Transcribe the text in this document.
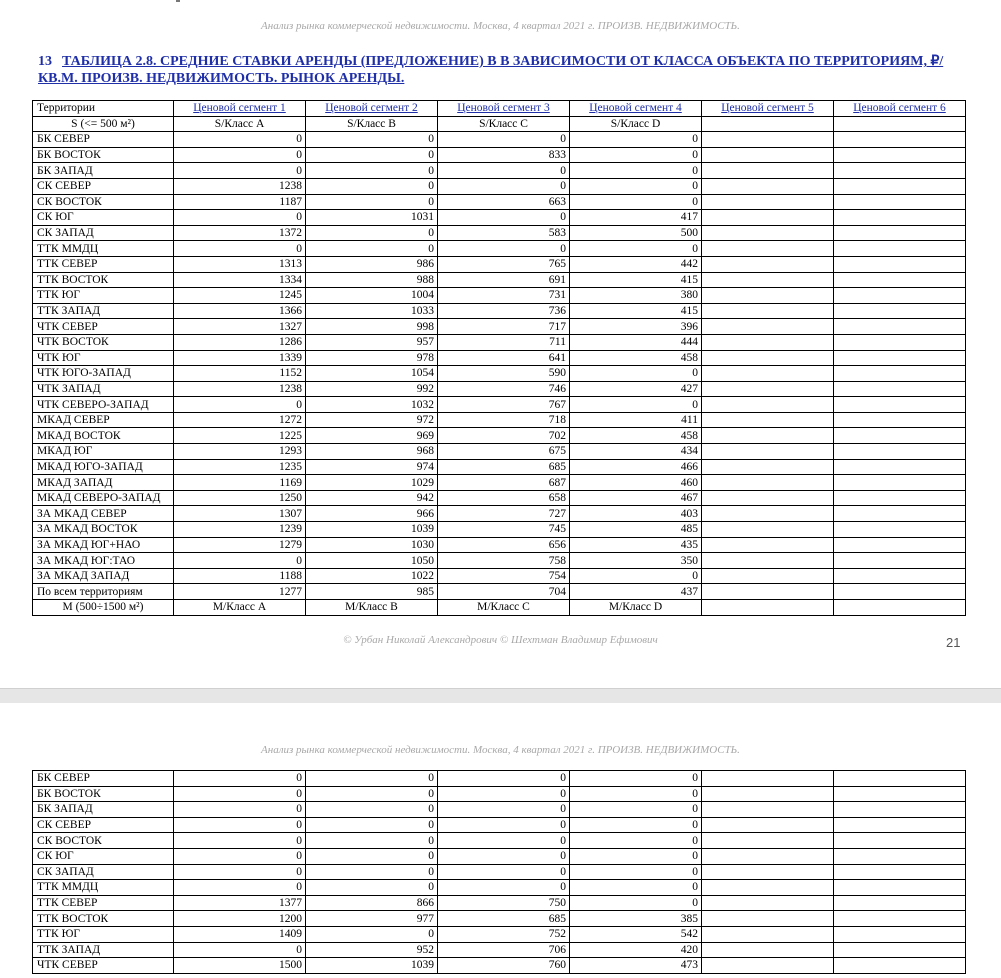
Анализ рынка коммерческой недвижимости. Москва, 4 квартал 2021 г. ПРОИЗВ. НЕДВИЖИМОСТЬ.
13 ТАБЛИЦА 2.8. СРЕДНИЕ СТАВКИ АРЕНДЫ (ПРЕДЛОЖЕНИЕ) В В ЗАВИСИМОСТИ ОТ КЛАССА ОБЪЕКТА ПО ТЕРРИТОРИЯМ, ₽/КВ.М. ПРОИЗВ. НЕДВИЖИМОСТЬ. РЫНОК АРЕНДЫ.
Территории	Ценовой сегмент 1	Ценовой сегмент 2	Ценовой сегмент 3	Ценовой сегмент 4	Ценовой сегмент 5	Ценовой сегмент 6
S (<= 500 м²)	S/Класс A	S/Класс B	S/Класс C	S/Класс D		
БК СЕВЕР	0	0	0	0		
БК ВОСТОК	0	0	833	0		
БК ЗАПАД	0	0	0	0		
СК СЕВЕР	1238	0	0	0		
СК ВОСТОК	1187	0	663	0		
СК ЮГ	0	1031	0	417		
СК ЗАПАД	1372	0	583	500		
ТТК ММДЦ	0	0	0	0		
ТТК СЕВЕР	1313	986	765	442		
ТТК ВОСТОК	1334	988	691	415		
ТТК ЮГ	1245	1004	731	380		
ТТК ЗАПАД	1366	1033	736	415		
ЧТК СЕВЕР	1327	998	717	396		
ЧТК ВОСТОК	1286	957	711	444		
ЧТК ЮГ	1339	978	641	458		
ЧТК ЮГО-ЗАПАД	1152	1054	590	0		
ЧТК ЗАПАД	1238	992	746	427		
ЧТК СЕВЕРО-ЗАПАД	0	1032	767	0		
МКАД СЕВЕР	1272	972	718	411		
МКАД ВОСТОК	1225	969	702	458		
МКАД ЮГ	1293	968	675	434		
МКАД ЮГО-ЗАПАД	1235	974	685	466		
МКАД ЗАПАД	1169	1029	687	460		
МКАД СЕВЕРО-ЗАПАД	1250	942	658	467		
ЗА МКАД СЕВЕР	1307	966	727	403		
ЗА МКАД ВОСТОК	1239	1039	745	485		
ЗА МКАД ЮГ+НАО	1279	1030	656	435		
ЗА МКАД ЮГ:ТАО	0	1050	758	350		
ЗА МКАД ЗАПАД	1188	1022	754	0		
По всем территориям	1277	985	704	437		
M (500÷1500 м²)	M/Класс A	M/Класс B	M/Класс C	M/Класс D		
© Урбан Николай Александрович © Шехтман Владимир Ефимович	21
Анализ рынка коммерческой недвижимости. Москва, 4 квартал 2021 г. ПРОИЗВ. НЕДВИЖИМОСТЬ.
БК СЕВЕР	0	0	0	0		
БК ВОСТОК	0	0	0	0		
БК ЗАПАД	0	0	0	0		
СК СЕВЕР	0	0	0	0		
СК ВОСТОК	0	0	0	0		
СК ЮГ	0	0	0	0		
СК ЗАПАД	0	0	0	0		
ТТК ММДЦ	0	0	0	0		
ТТК СЕВЕР	1377	866	750	0		
ТТК ВОСТОК	1200	977	685	385		
ТТК ЮГ	1409	0	752	542		
ТТК ЗАПАД	0	952	706	420		
ЧТК СЕВЕР	1500	1039	760	473		
